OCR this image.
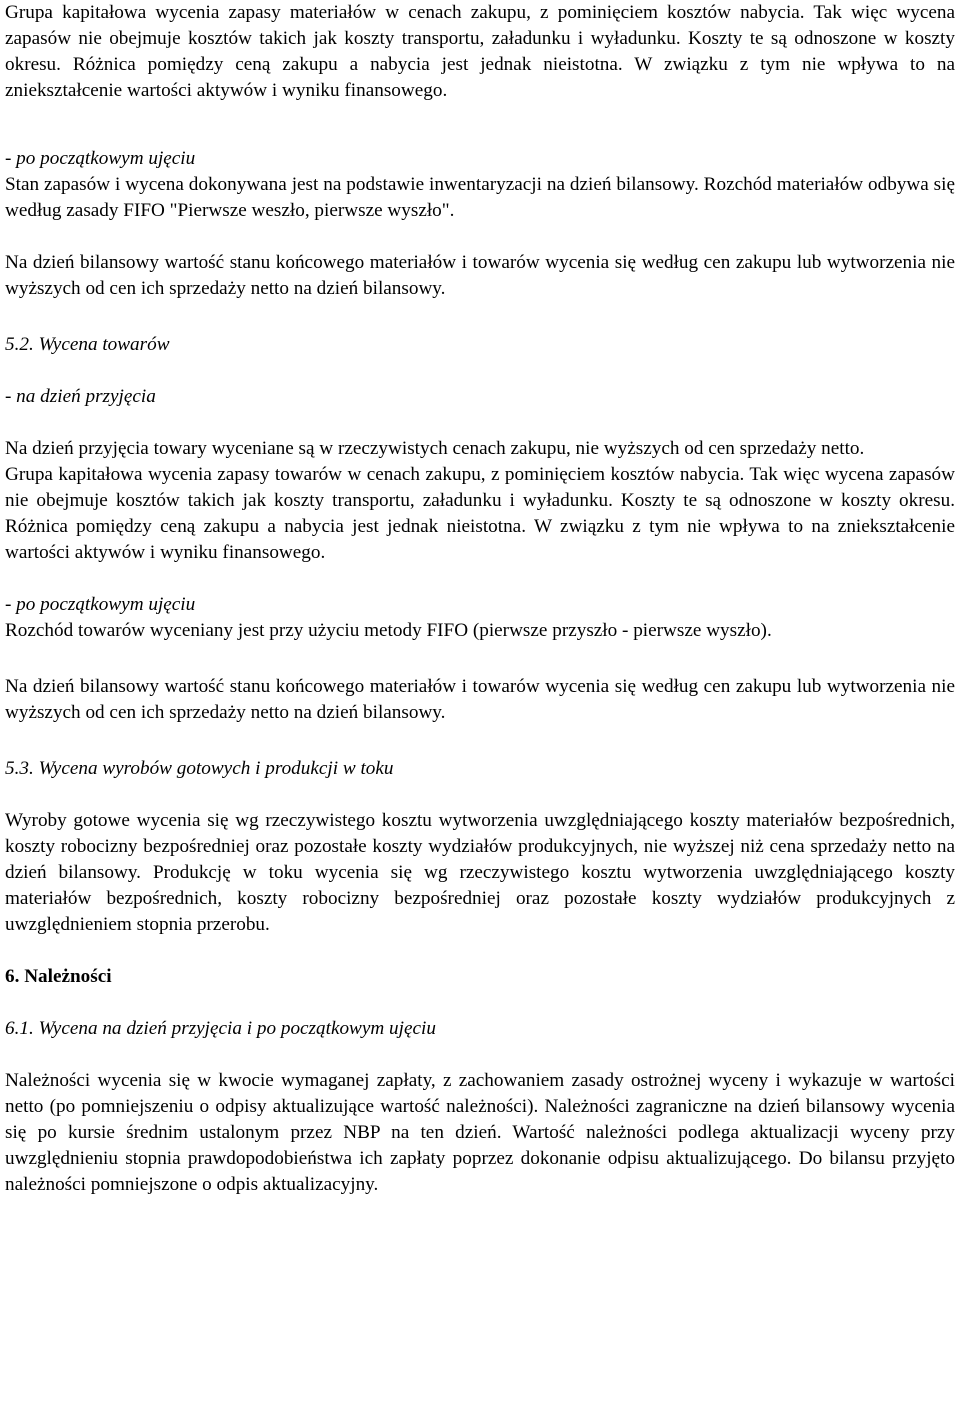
Grupa kapitałowa wycenia zapasy materiałów w cenach zakupu, z pominięciem kosztów nabycia. Tak więc wycena zapasów nie obejmuje kosztów takich jak koszty transportu, załadunku i wyładunku. Koszty te są odnoszone w koszty okresu. Różnica pomiędzy ceną zakupu a nabycia jest jednak nieistotna. W związku z tym nie wpływa to na zniekształcenie wartości aktywów i wyniku finansowego.

- po początkowym ujęciu

Stan zapasów i wycena dokonywana jest na podstawie inwentaryzacji na dzień bilansowy. Rozchód materiałów odbywa się według zasady FIFO "Pierwsze weszło, pierwsze wyszło".

Na dzień bilansowy wartość stanu końcowego materiałów i towarów wycenia się według cen zakupu lub wytworzenia nie wyższych od cen ich sprzedaży netto na dzień bilansowy.

5.2. Wycena towarów

- na dzień przyjęcia

Na dzień przyjęcia towary wyceniane są w rzeczywistych cenach zakupu, nie wyższych od cen sprzedaży netto.

Grupa kapitałowa wycenia zapasy towarów w cenach zakupu, z pominięciem kosztów nabycia. Tak więc wycena zapasów nie obejmuje kosztów takich jak koszty transportu, załadunku i wyładunku. Koszty te są odnoszone w koszty okresu. Różnica pomiędzy ceną zakupu a nabycia jest jednak nieistotna. W związku z tym nie wpływa to na zniekształcenie wartości aktywów i wyniku finansowego.

- po początkowym ujęciu

Rozchód towarów wyceniany jest przy użyciu metody FIFO (pierwsze przyszło - pierwsze wyszło).

Na dzień bilansowy wartość stanu końcowego materiałów i towarów wycenia się według cen zakupu lub wytworzenia nie wyższych od cen ich sprzedaży netto na dzień bilansowy.

5.3. Wycena wyrobów gotowych i produkcji w toku

Wyroby gotowe wycenia się wg rzeczywistego kosztu wytworzenia uwzględniającego koszty materiałów bezpośrednich, koszty robocizny bezpośredniej oraz pozostałe koszty wydziałów produkcyjnych, nie wyższej niż cena sprzedaży netto na dzień bilansowy. Produkcję w toku wycenia się wg rzeczywistego kosztu wytworzenia uwzględniającego koszty materiałów bezpośrednich, koszty robocizny bezpośredniej oraz pozostałe koszty wydziałów produkcyjnych z uwzględnieniem stopnia przerobu.

6. Należności

6.1. Wycena na dzień przyjęcia i po początkowym ujęciu

Należności wycenia się w kwocie wymaganej zapłaty, z zachowaniem zasady ostrożnej wyceny i wykazuje w wartości netto (po pomniejszeniu o odpisy aktualizujące wartość należności). Należności zagraniczne na dzień bilansowy wycenia się po kursie średnim ustalonym przez NBP na ten dzień. Wartość należności podlega aktualizacji wyceny przy uwzględnieniu stopnia prawdopodobieństwa ich zapłaty poprzez dokonanie odpisu aktualizującego. Do bilansu przyjęto należności pomniejszone o odpis aktualizacyjny.
